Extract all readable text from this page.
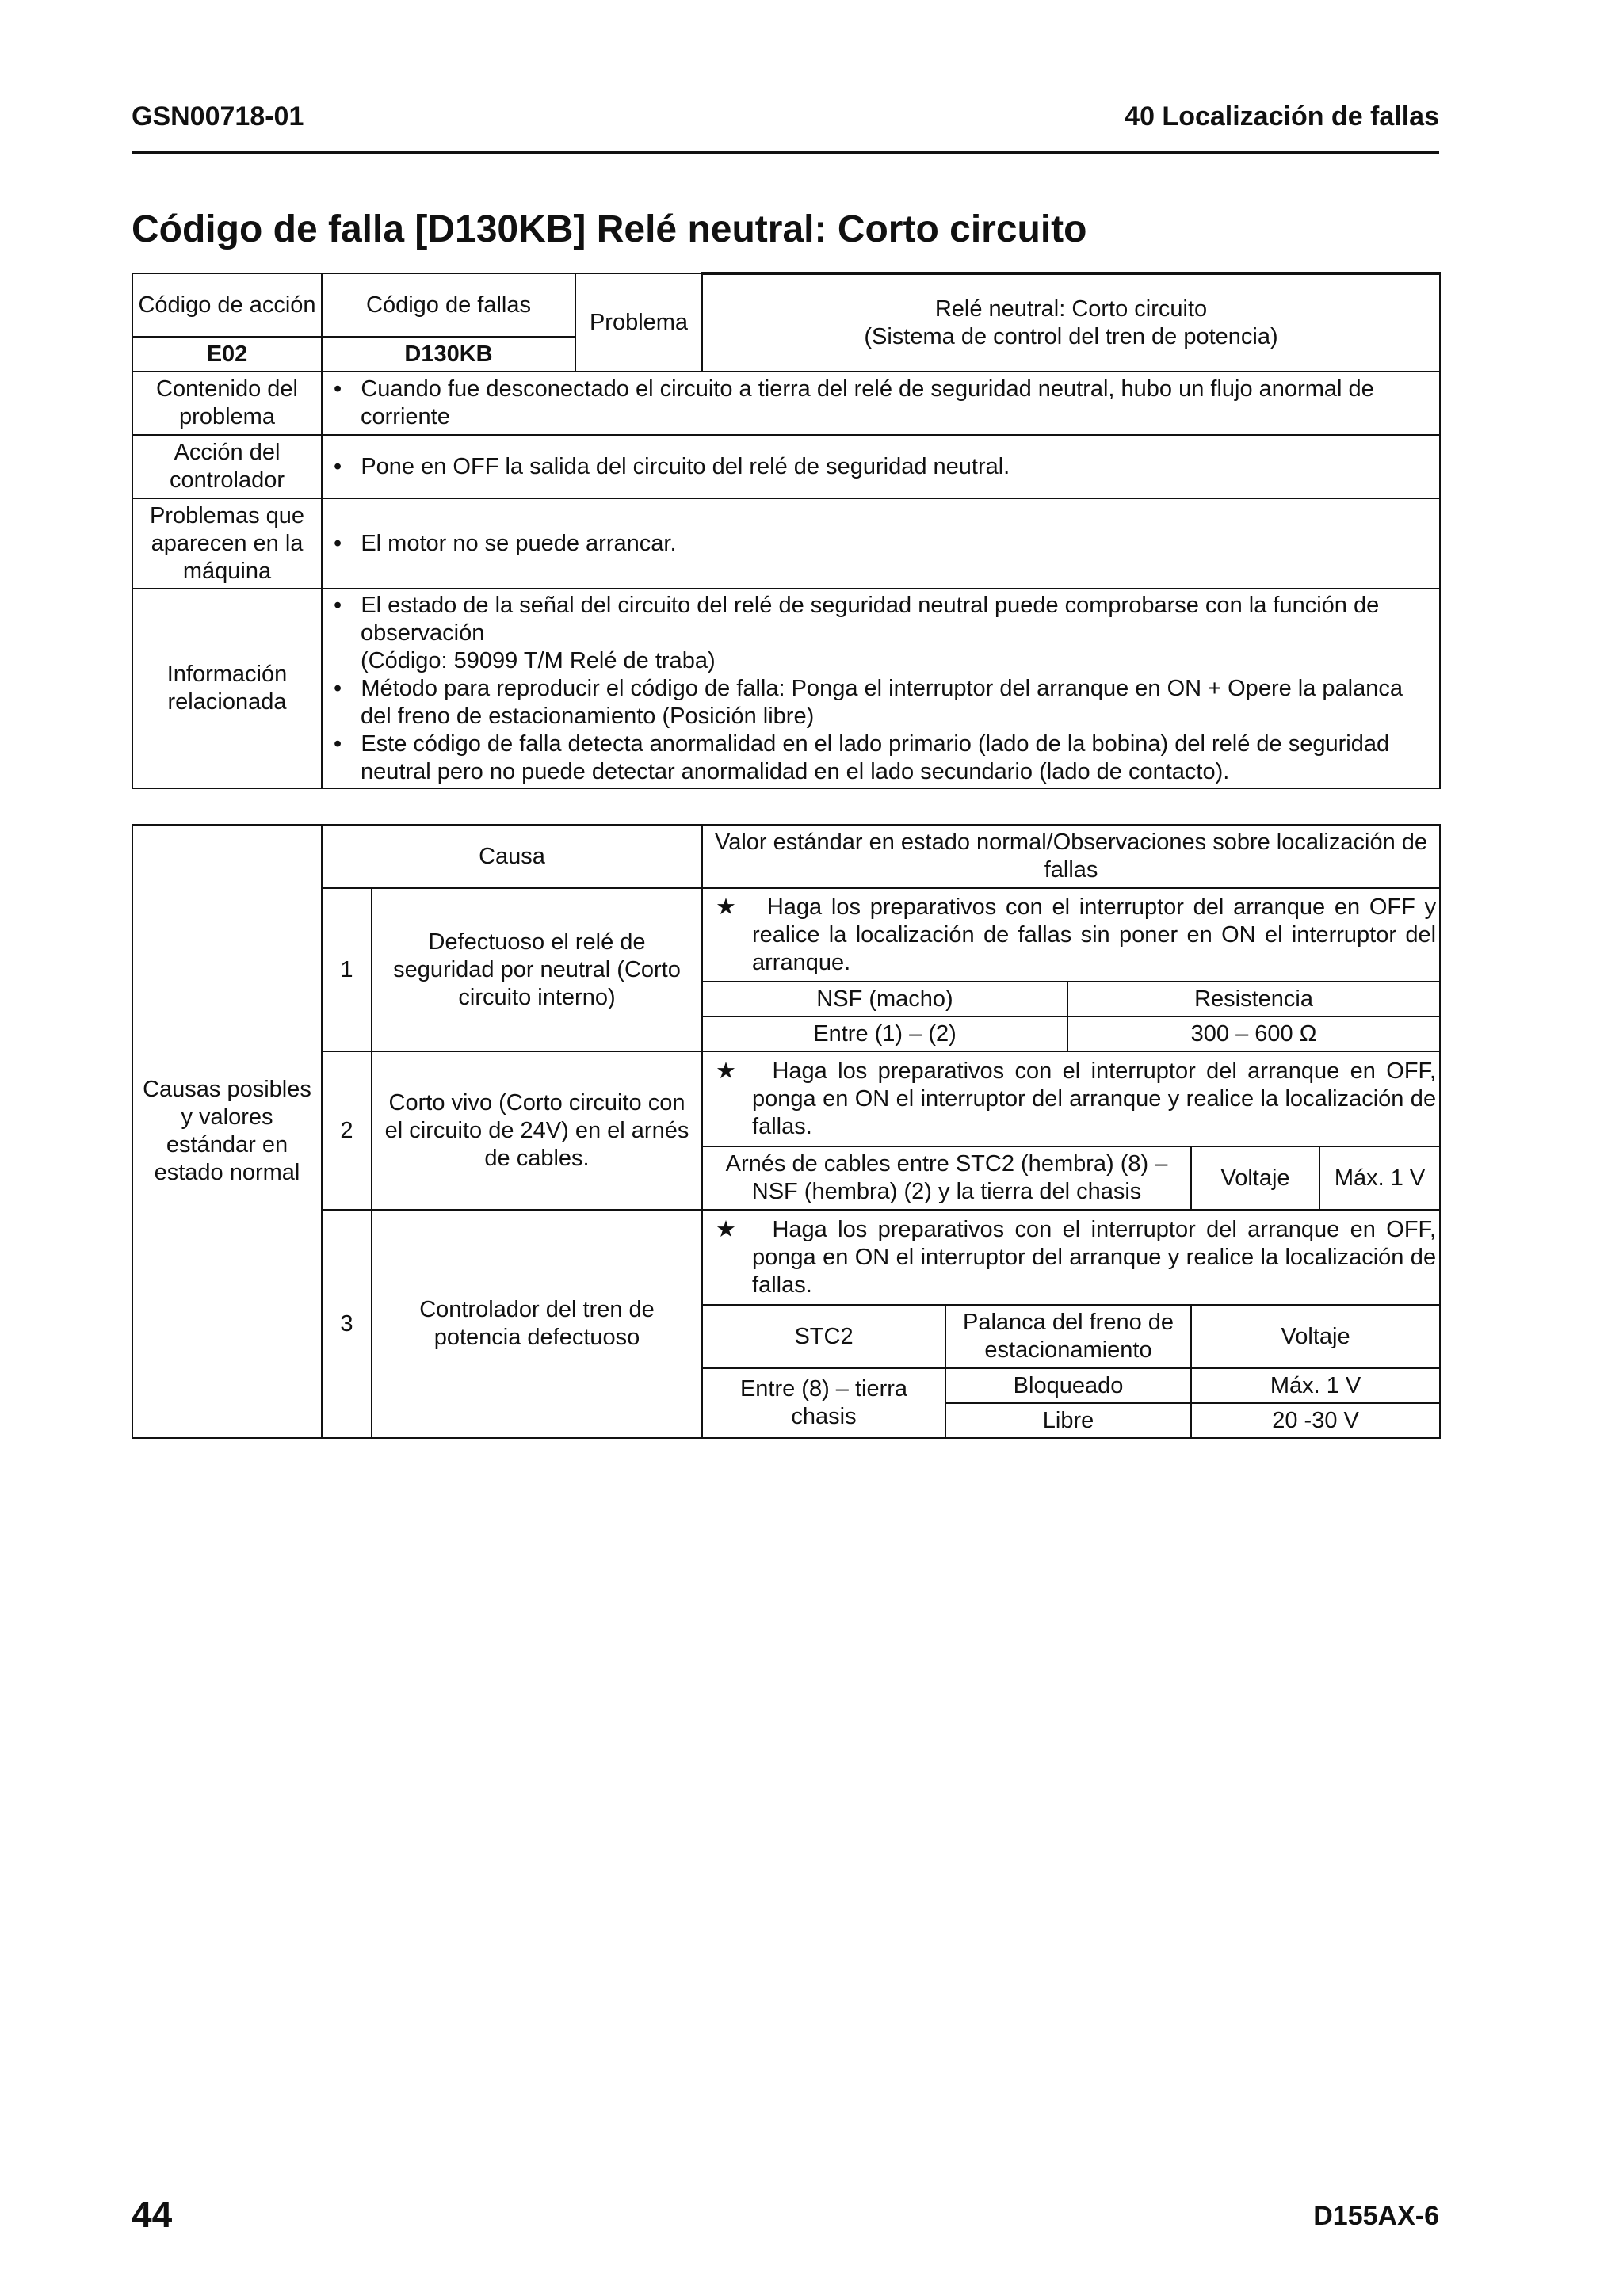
GSN00718-01	40 Localización de fallas
Código de falla [D130KB] Relé neutral: Corto circuito
Código de acción	Código de fallas	Problema	Relé neutral: Corto circuito
(Sistema de control del tren de potencia)

E02	D130KB		
Contenido del problema	• Cuando fue desconectado el circuito a tierra del relé de seguridad neutral, hubo un flujo anormal de corriente		

Acción del controlador	• Pone en OFF la salida del circuito del relé de seguridad neutral.		

Problemas que aparecen en la máquina	• El motor no se puede arrancar.		

Información relacionada	• El estado de la señal del circuito del relé de seguridad neutral puede comprobarse con la función de observación
(Código: 59099 T/M Relé de traba)
• Método para reproducir el código de falla: Ponga el interruptor del arranque en ON + Opere la palanca del freno de estacionamiento (Posición libre)
• Este código de falla detecta anormalidad en el lado primario (lado de la bobina) del relé de seguridad neutral pero no puede detectar anormalidad en el lado secundario (lado de contacto).		
Causas posibles y valores estándar en estado normal	Causa		Valor estándar en estado normal/Observaciones sobre localización de fallas				
	1	Defectuoso el relé de seguridad por neutral (Corto circuito interno)	★ Haga los preparativos con el interruptor del arranque en OFF y realice la localización de fallas sin poner en ON el interruptor del arranque.				

			NSF (macho)		Resistencia		
			Entre (1) – (2)		300 – 600 Ω		
	2	Corto vivo (Corto circuito con el circuito de 24V) en el arnés de cables.	★ Haga los preparativos con el interruptor del arranque en OFF, ponga en ON el interruptor del arranque y realice la localización de fallas.				

			Arnés de cables entre STC2 (hembra) (8) – NSF (hembra) (2) y la tierra del chasis			Voltaje	Máx. 1 V
	3	Controlador del tren de potencia defectuoso	★ Haga los preparativos con el interruptor del arranque en OFF, ponga en ON el interruptor del arranque y realice la localización de fallas.				

			STC2	Palanca del freno de estacionamiento		Voltaje	
			Entre (8) – tierra chasis	Bloqueado		Máx. 1 V	
				Libre		20 -30 V	
44	D155AX-6
